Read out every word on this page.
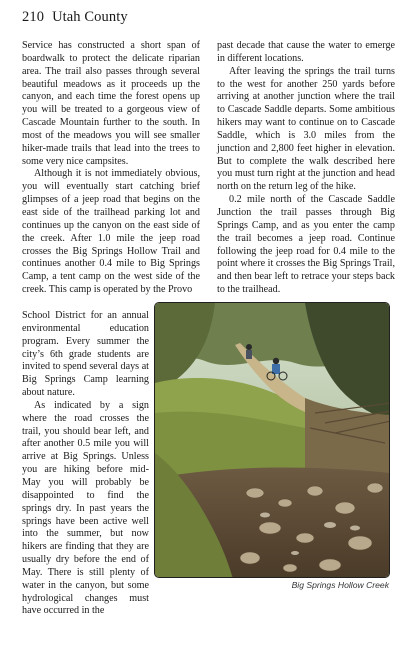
210 Utah County

Service has constructed a short span of boardwalk to protect the delicate riparian area. The trail also passes through several beautiful meadows as it proceeds up the canyon, and each time the forest opens up you will be treated to a gorgeous view of Cascade Mountain further to the south. In most of the meadows you will see smaller hiker-made trails that lead into the trees to some very nice campsites.

Although it is not immediately obvious, you will eventually start catching brief glimpses of a jeep road that begins on the east side of the trailhead parking lot and continues up the canyon on the east side of the creek. After 1.0 mile the jeep road crosses the Big Springs Hollow Trail and continues another 0.4 mile to Big Springs Camp, a tent camp on the west side of the creek. This camp is operated by the Provo

School District for an annual environmental education program. Every summer the city’s 6th grade students are invited to spend several days at Big Springs Camp learning about nature.

As indicated by a sign where the road crosses the trail, you should bear left, and after another 0.5 mile you will arrive at Big Springs. Unless you are hiking before mid-May you will probably be disappointed to find the springs dry. In past years the springs have been active well into the summer, but now hikers are finding that they are usually dry before the end of May. There is still plenty of water in the canyon, but some hydrological changes must have occurred in the

past decade that cause the water to emerge in different locations.

After leaving the springs the trail turns to the west for another 250 yards before arriving at another junction where the trail to Cascade Saddle departs. Some ambitious hikers may want to continue on to Cascade Saddle, which is 3.0 miles from the junction and 2,800 feet higher in elevation. But to complete the walk described here you must turn right at the junction and head north on the return leg of the hike.

0.2 mile north of the Cascade Saddle Junction the trail passes through Big Springs Camp, and as you enter the camp the trail becomes a jeep road. Continue following the jeep road for 0.4 mile to the point where it crosses the Big Springs Trail, and then bear left to retrace your steps back to the trailhead.

Big Springs Hollow Creek
